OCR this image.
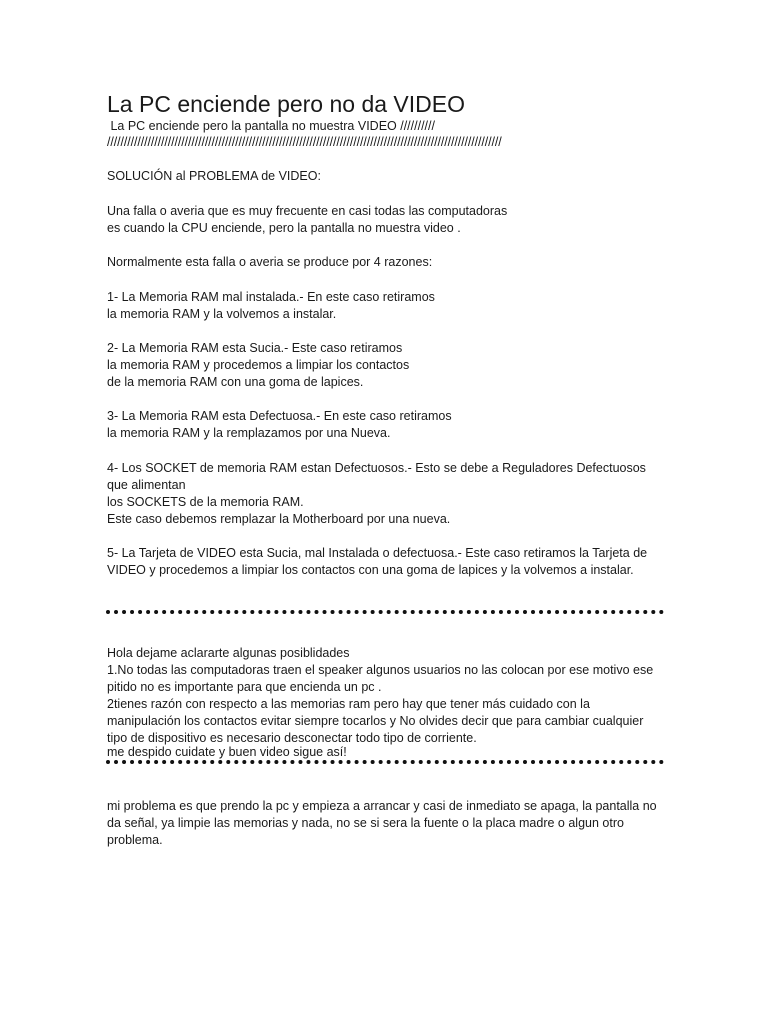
La PC enciende pero no da VIDEO
La PC enciende pero la pantalla no muestra VIDEO //////////
/////////////////////////////////////////////////////////////////////////////////////////////////////////////////////
SOLUCIÓN al PROBLEMA de VIDEO:
Una falla o averia que es muy frecuente en casi todas las computadoras
es cuando la CPU enciende, pero la pantalla no muestra video .
Normalmente esta falla o averia se produce por 4 razones:
1- La Memoria RAM mal instalada.- En este caso retiramos
la memoria RAM y la volvemos a instalar.
2- La Memoria RAM esta Sucia.- Este caso retiramos
la memoria RAM y procedemos a limpiar los contactos
de la memoria RAM con una goma de lapices.
3- La Memoria RAM esta Defectuosa.- En este caso retiramos
la memoria RAM y la remplazamos por una Nueva.
4- Los SOCKET de memoria RAM estan Defectuosos.- Esto se debe a Reguladores Defectuosos
que alimentan
los SOCKETS de la memoria RAM.
Este caso debemos remplazar la Motherboard por una nueva.
5- La Tarjeta de VIDEO esta Sucia, mal Instalada o defectuosa.- Este caso retiramos la Tarjeta de
VIDEO y procedemos a limpiar los contactos con una goma de lapices y la volvemos a instalar.
Hola dejame aclararte algunas posiblidades
1.No todas las computadoras traen el speaker algunos usuarios no las colocan por ese motivo ese
pitido no es importante para que encienda un pc .
2tienes razón con respecto a las memorias ram pero hay que tener más cuidado con la
manipulación los contactos evitar siempre tocarlos y No olvides decir que para cambiar cualquier
tipo de dispositivo es necesario desconectar todo tipo de corriente.
me despido cuidate y buen video sigue así!
mi problema es que prendo la pc y empieza a arrancar y casi de inmediato se apaga, la pantalla no
da señal, ya limpie las memorias y nada, no se si sera la fuente o la placa madre o algun otro
problema.
